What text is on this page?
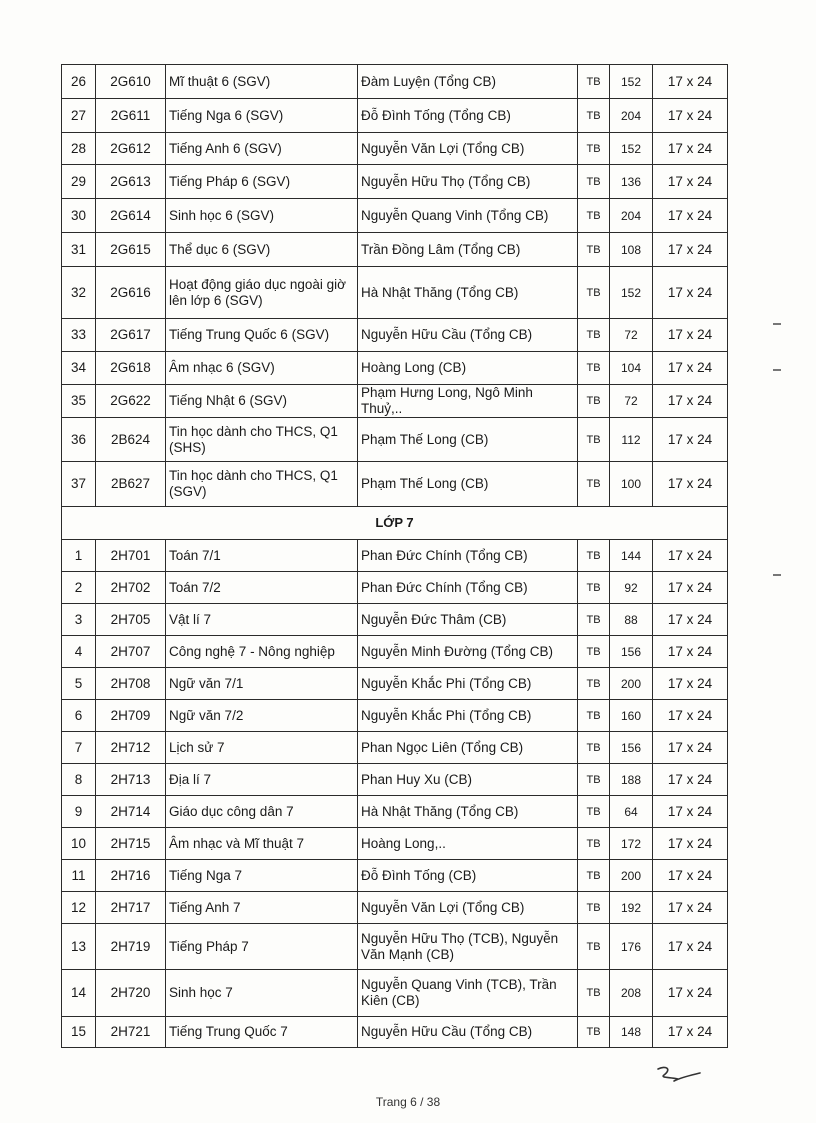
26	2G610	Mĩ thuật 6 (SGV)	Đàm Luyện (Tổng CB)	TB	152	17 x 24
27	2G611	Tiếng Nga 6 (SGV)	Đỗ Đình Tống (Tổng CB)	TB	204	17 x 24
28	2G612	Tiếng Anh 6 (SGV)	Nguyễn Văn Lợi (Tổng CB)	TB	152	17 x 24
29	2G613	Tiếng Pháp 6 (SGV)	Nguyễn Hữu Thọ (Tổng CB)	TB	136	17 x 24
30	2G614	Sinh học 6 (SGV)	Nguyễn Quang Vinh (Tổng CB)	TB	204	17 x 24
31	2G615	Thể dục 6 (SGV)	Trần Đồng Lâm (Tổng CB)	TB	108	17 x 24
32	2G616	Hoạt động giáo dục ngoài giờ lên lớp 6 (SGV)	Hà Nhật Thăng (Tổng CB)	TB	152	17 x 24
33	2G617	Tiếng Trung Quốc 6 (SGV)	Nguyễn Hữu Cầu (Tổng CB)	TB	72	17 x 24
34	2G618	Âm nhạc 6 (SGV)	Hoàng Long (CB)	TB	104	17 x 24
35	2G622	Tiếng Nhật 6 (SGV)	Phạm Hưng Long, Ngô Minh Thuỷ,..	TB	72	17 x 24
36	2B624	Tin học dành cho THCS, Q1 (SHS)	Phạm Thế Long (CB)	TB	112	17 x 24
37	2B627	Tin học dành cho THCS, Q1 (SGV)	Phạm Thế Long (CB)	TB	100	17 x 24
LỚP 7						
1	2H701	Toán 7/1	Phan Đức Chính (Tổng CB)	TB	144	17 x 24
2	2H702	Toán 7/2	Phan Đức Chính (Tổng CB)	TB	92	17 x 24
3	2H705	Vật lí 7	Nguyễn Đức Thâm (CB)	TB	88	17 x 24
4	2H707	Công nghệ 7 - Nông nghiệp	Nguyễn Minh Đường (Tổng CB)	TB	156	17 x 24
5	2H708	Ngữ văn 7/1	Nguyễn Khắc Phi (Tổng CB)	TB	200	17 x 24
6	2H709	Ngữ văn 7/2	Nguyễn Khắc Phi (Tổng CB)	TB	160	17 x 24
7	2H712	Lịch sử 7	Phan Ngọc Liên (Tổng CB)	TB	156	17 x 24
8	2H713	Địa lí 7	Phan Huy Xu (CB)	TB	188	17 x 24
9	2H714	Giáo dục công dân 7	Hà Nhật Thăng (Tổng CB)	TB	64	17 x 24
10	2H715	Âm nhạc và Mĩ thuật 7	Hoàng Long,..	TB	172	17 x 24
11	2H716	Tiếng Nga 7	Đỗ Đình Tống (CB)	TB	200	17 x 24
12	2H717	Tiếng Anh 7	Nguyễn Văn Lợi (Tổng CB)	TB	192	17 x 24
13	2H719	Tiếng Pháp 7	Nguyễn Hữu Thọ (TCB), Nguyễn Văn Mạnh (CB)	TB	176	17 x 24
14	2H720	Sinh học 7	Nguyễn Quang Vinh (TCB), Trần Kiên (CB)	TB	208	17 x 24
15	2H721	Tiếng Trung Quốc 7	Nguyễn Hữu Cầu (Tổng CB)	TB	148	17 x 24
Trang 6 / 38
